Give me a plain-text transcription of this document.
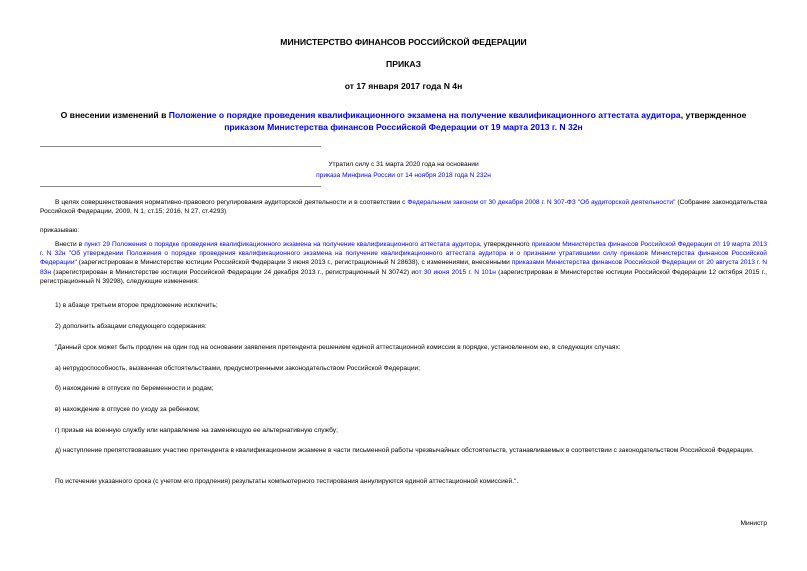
МИНИСТЕРСТВО ФИНАНСОВ РОССИЙСКОЙ ФЕДЕРАЦИИ
ПРИКАЗ
от 17 января 2017 года N 4н
О внесении изменений в Положение о порядке проведения квалификационного экзамена на получение квалификационного аттестата аудитора, утвержденное приказом Министерства финансов Российской Федерации от 19 марта 2013 г. N 32н
Утратил силу с 31 марта 2020 года на основании
приказа Минфина России от 14 ноября 2018 года N 232н
В целях совершенствования нормативно-правового регулирования аудиторской деятельности и в соответствии с Федеральным законом от 30 декабря 2008 г. N 307-ФЗ "Об аудиторской деятельности" (Собрание законодательства Российской Федерации, 2009, N 1, ст.15; 2016, N 27, ст.4293)
приказываю:
Внести в пункт 29 Положения о порядке проведения квалификационного экзамена на получение квалификационного аттестата аудитора, утвержденного приказом Министерства финансов Российской Федерации от 19 марта 2013 г. N 32н "Об утверждении Положения о порядке проведения квалификационного экзамена на получение квалификационного аттестата аудитора и о признании утратившими силу приказов Министерства финансов Российской Федерации" (зарегистрирован в Министерстве юстиции Российской Федерации 3 июня 2013 г., регистрационный N 28638), с изменениями, внесенными приказами Министерства финансов Российской Федерации от 20 августа 2013 г. N 83н (зарегистрирован в Министерстве юстиции Российской Федерации 24 декабря 2013 г., регистрационный N 30742) иот 30 июня 2015 г. N 101н (зарегистрирован в Министерстве юстиции Российской Федерации 12 октября 2015 г., регистрационный N 39298), следующие изменения:
1) в абзаце третьем второе предложение исключить;
2) дополнить абзацами следующего содержания:
"Данный срок может быть продлен на один год на основании заявления претендента решением единой аттестационной комиссии в порядке, установленном ею, в следующих случаях:
а) нетрудоспособность, вызванная обстоятельствами, предусмотренными законодательством Российской Федерации;
б) нахождение в отпуске по беременности и родам;
в) нахождение в отпуске по уходу за ребенком;
г) призыв на военную службу или направление на заменяющую ее альтернативную службу;
д) наступление препятствовавших участию претендента в квалификационном экзамене в части письменной работы чрезвычайных обстоятельств, устанавливаемых в соответствии с законодательством Российской Федерации.
По истечении указанного срока (с учетом его продления) результаты компьютерного тестирования аннулируются единой аттестационной комиссией.".
Министр
